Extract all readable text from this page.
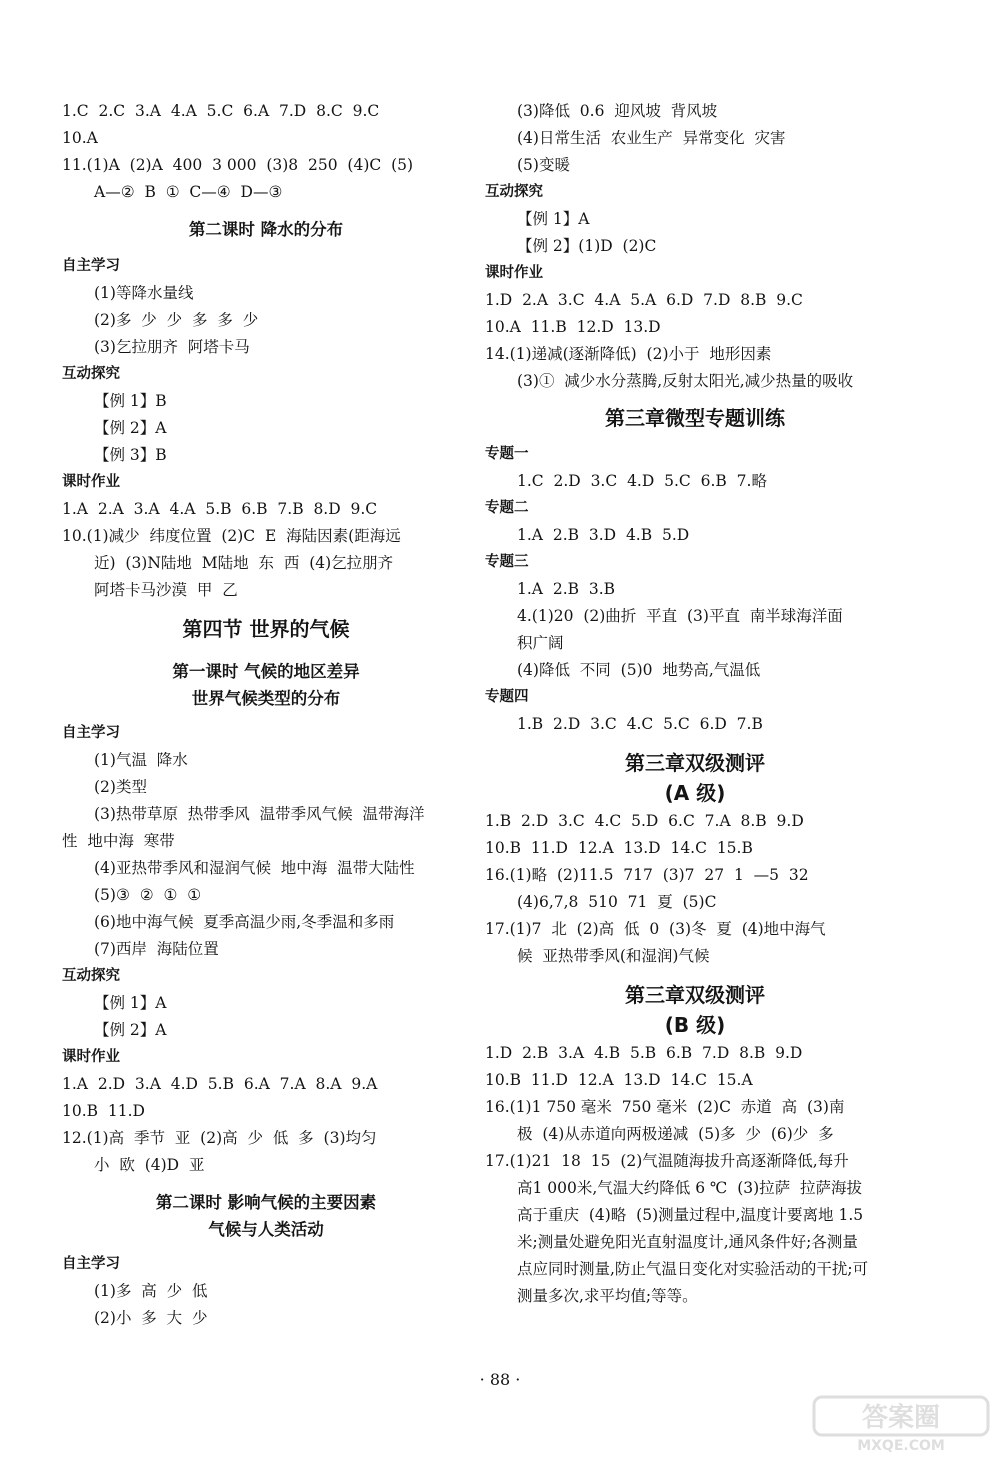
1.C  2.C  3.A  4.A  5.C  6.A  7.D  8.C  9.C
10.A
11.(1)A  (2)A  400  3 000  (3)8  250  (4)C  (5)
A—②  B  ①  C—④  D—③
第二课时 降水的分布
自主学习
(1)等降水量线
(2)多  少  少  多  多  少
(3)乞拉朋齐  阿塔卡马
互动探究
【例 1】B
【例 2】A
【例 3】B
课时作业
1.A  2.A  3.A  4.A  5.B  6.B  7.B  8.D  9.C
10.(1)减少  纬度位置  (2)C  E  海陆因素(距海远
近)  (3)N陆地  M陆地  东  西  (4)乞拉朋齐
阿塔卡马沙漠  甲  乙
第四节 世界的气候
第一课时 气候的地区差异
世界气候类型的分布
自主学习
(1)气温  降水
(2)类型
(3)热带草原  热带季风  温带季风气候  温带海洋
性  地中海  寒带
(4)亚热带季风和湿润气候  地中海  温带大陆性
(5)③  ②  ①  ①
(6)地中海气候  夏季高温少雨,冬季温和多雨
(7)西岸  海陆位置
互动探究
【例 1】A
【例 2】A
课时作业
1.A  2.D  3.A  4.D  5.B  6.A  7.A  8.A  9.A
10.B  11.D
12.(1)高  季节  亚  (2)高  少  低  多  (3)均匀
小  欧  (4)D  亚
第二课时 影响气候的主要因素
气候与人类活动
自主学习
(1)多  高  少  低
(2)小  多  大  少
(3)降低  0.6  迎风坡  背风坡
(4)日常生活  农业生产  异常变化  灾害
(5)变暖
互动探究
【例 1】A
【例 2】(1)D  (2)C
课时作业
1.D  2.A  3.C  4.A  5.A  6.D  7.D  8.B  9.C
10.A  11.B  12.D  13.D
14.(1)递减(逐渐降低)  (2)小于  地形因素
(3)①  减少水分蒸腾,反射太阳光,减少热量的吸收
第三章微型专题训练
专题一
1.C  2.D  3.C  4.D  5.C  6.B  7.略
专题二
1.A  2.B  3.D  4.B  5.D
专题三
1.A  2.B  3.B
4.(1)20  (2)曲折  平直  (3)平直  南半球海洋面
积广阔
(4)降低  不同  (5)0  地势高,气温低
专题四
1.B  2.D  3.C  4.C  5.C  6.D  7.B
第三章双级测评
(A 级)
1.B  2.D  3.C  4.C  5.D  6.C  7.A  8.B  9.D
10.B  11.D  12.A  13.D  14.C  15.B
16.(1)略  (2)11.5  717  (3)7  27  1  —5  32
(4)6,7,8  510  71  夏  (5)C
17.(1)7  北  (2)高  低  0  (3)冬  夏  (4)地中海气
候  亚热带季风(和湿润)气候
第三章双级测评
(B 级)
1.D  2.B  3.A  4.B  5.B  6.B  7.D  8.B  9.D
10.B  11.D  12.A  13.D  14.C  15.A
16.(1)1 750 毫米  750 毫米  (2)C  赤道  高  (3)南
极  (4)从赤道向两极递减  (5)多  少  (6)少  多
17.(1)21  18  15  (2)气温随海拔升高逐渐降低,每升
高1 000米,气温大约降低 6 ℃  (3)拉萨  拉萨海拔
高于重庆  (4)略  (5)测量过程中,温度计要离地 1.5
米;测量处避免阳光直射温度计,通风条件好;各测量
点应同时测量,防止气温日变化对实验活动的干扰;可
测量多次,求平均值;等等。
· 88 ·
答案圈
MXQE.COM
